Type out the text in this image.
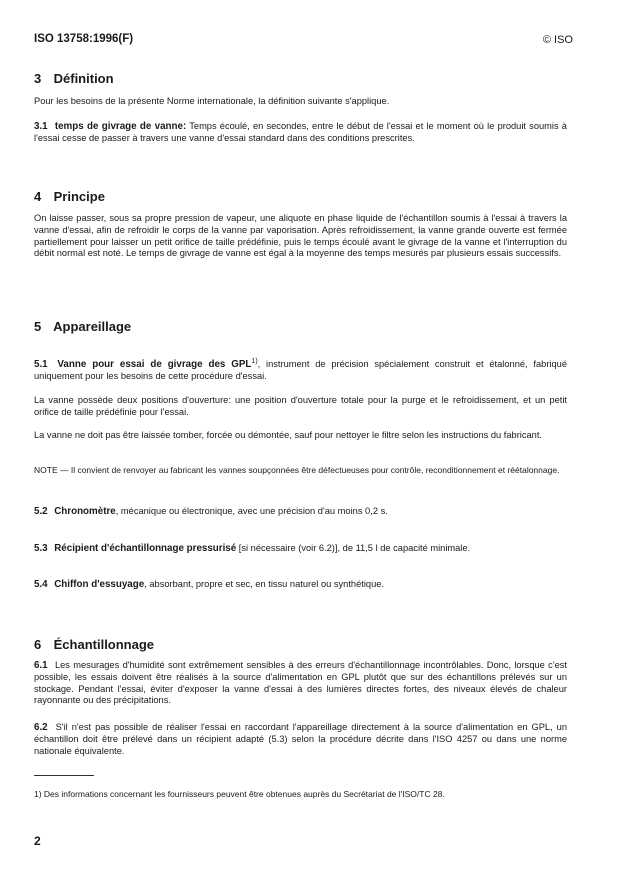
ISO 13758:1996(F)	© ISO
3 Définition

Pour les besoins de la présente Norme internationale, la définition suivante s'applique.

3.1 temps de givrage de vanne: Temps écoulé, en secondes, entre le début de l'essai et le moment où le produit soumis à l'essai cesse de passer à travers une vanne d'essai standard dans des conditions prescrites.

4 Principe

On laisse passer, sous sa propre pression de vapeur, une aliquote en phase liquide de l'échantillon soumis à l'essai à travers la vanne d'essai, afin de refroidir le corps de la vanne par vaporisation. Après refroidissement, la vanne grande ouverte est fermée partiellement pour laisser un petit orifice de taille prédéfinie, puis le temps écoulé avant le givrage de la vanne et l'interruption du débit normal est noté. Le temps de givrage de vanne est égal à la moyenne des temps mesurés par plusieurs essais successifs.

5 Appareillage

5.1 Vanne pour essai de givrage des GPL$^{1)}$, instrument de précision spécialement construit et étalonné, fabriqué uniquement pour les besoins de cette procédure d'essai.

La vanne possède deux positions d'ouverture: une position d'ouverture totale pour la purge et le refroidissement, et un petit orifice de taille prédéfinie pour l'essai.

La vanne ne doit pas être laissée tomber, forcée ou démontée, sauf pour nettoyer le filtre selon les instructions du fabricant.

NOTE — Il convient de renvoyer au fabricant les vannes soupçonnées être défectueuses pour contrôle, reconditionnement et réétalonnage.

5.2 Chronomètre, mécanique ou électronique, avec une précision d'au moins 0,2 s.

5.3 Récipient d'échantillonnage pressurisé [si nécessaire (voir 6.2)], de 11,5 l de capacité minimale.

5.4 Chiffon d'essuyage, absorbant, propre et sec, en tissu naturel ou synthétique.

6 Échantillonnage

6.1 Les mesurages d'humidité sont extrêmement sensibles à des erreurs d'échantillonnage incontrôlables. Donc, lorsque c'est possible, les essais doivent être réalisés à la source d'alimentation en GPL plutôt que sur des échantillons prélevés sur un stockage. Pendant l'essai, éviter d'exposer la vanne d'essai à des lumières directes fortes, des niveaux élevés de chaleur rayonnante ou des précipitations.

6.2 S'il n'est pas possible de réaliser l'essai en raccordant l'appareillage directement à la source d'alimentation en GPL, un échantillon doit être prélevé dans un récipient adapté (5.3) selon la procédure décrite dans l'ISO 4257 ou dans une norme nationale équivalente.

1) Des informations concernant les fournisseurs peuvent être obtenues auprès du Secrétariat de l'ISO/TC 28.
2
